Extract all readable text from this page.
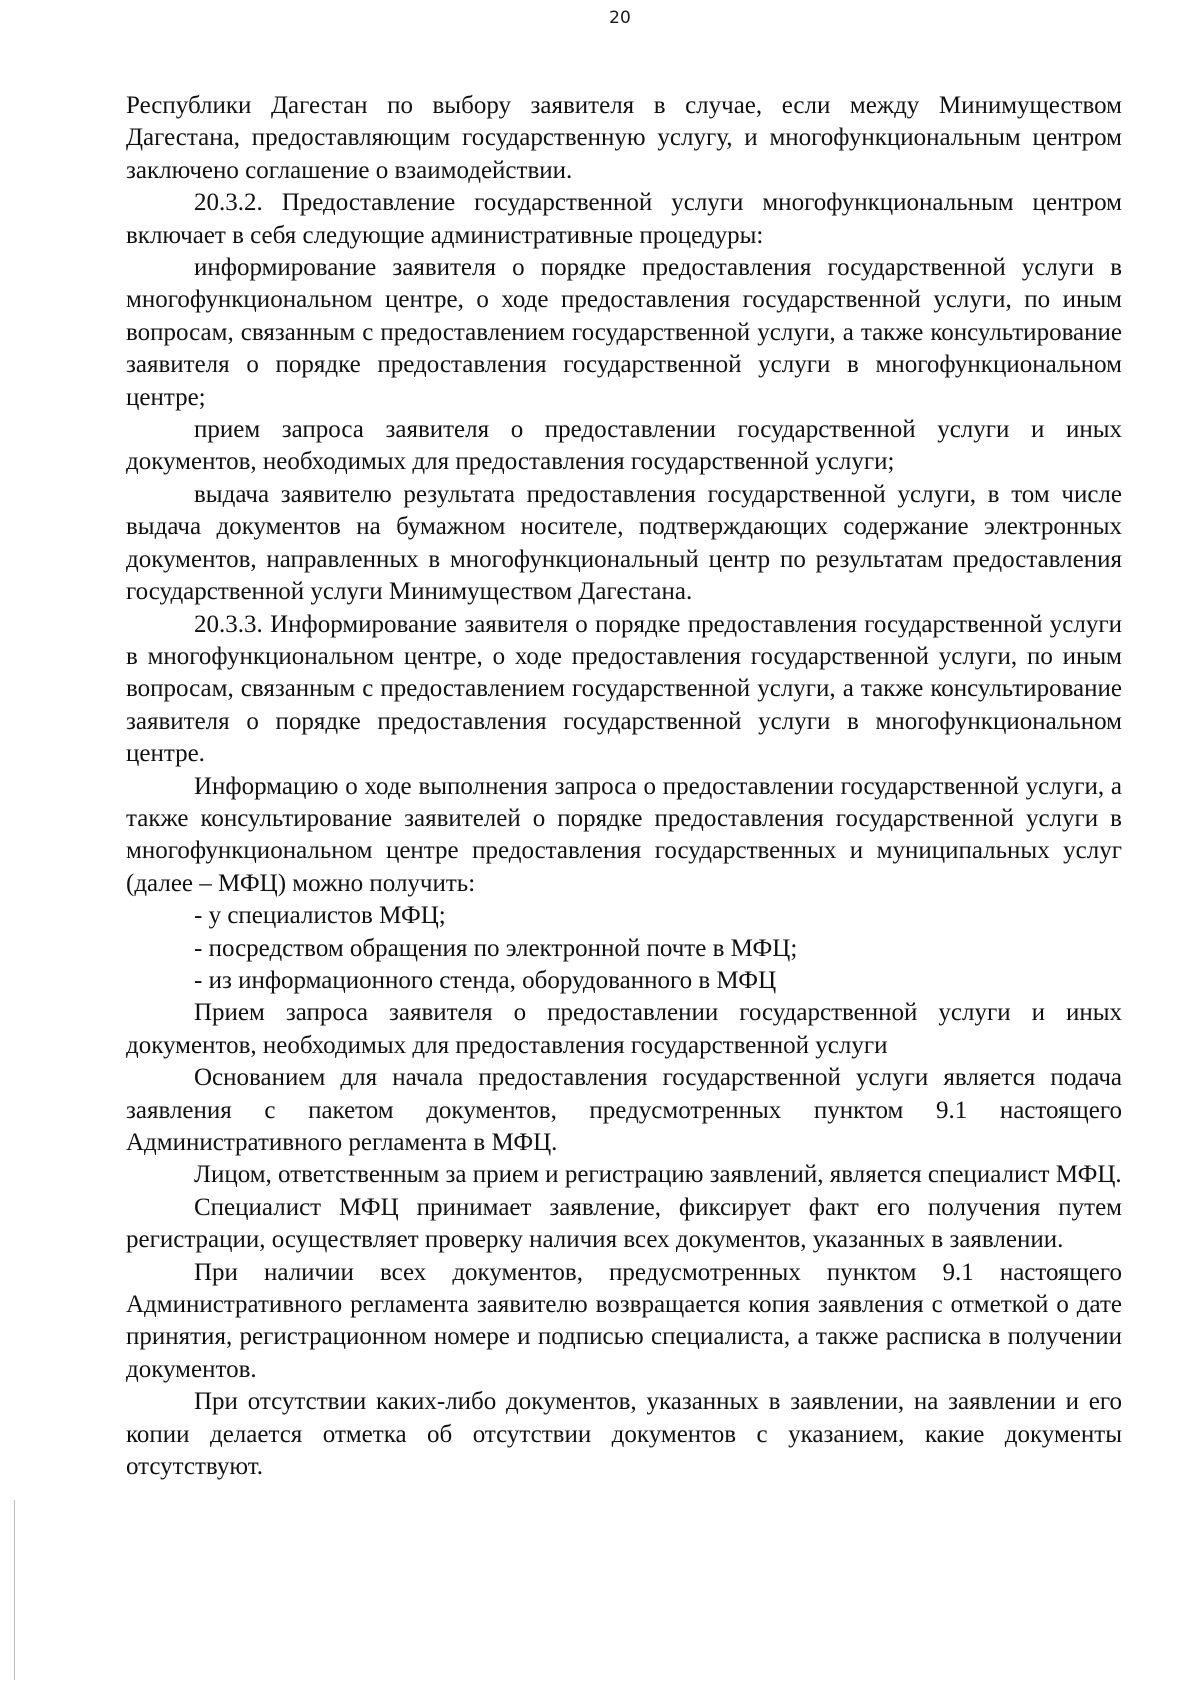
20

Республики Дагестан по выбору заявителя в случае, если между Минимуществом Дагестана, предоставляющим государственную услугу, и многофункциональным центром заключено соглашение о взаимодействии.

20.3.2. Предоставление государственной услуги многофункциональным центром включает в себя следующие административные процедуры:

информирование заявителя о порядке предоставления государственной услуги в многофункциональном центре, о ходе предоставления государственной услуги, по иным вопросам, связанным с предоставлением государственной услуги, а также консультирование заявителя о порядке предоставления государственной услуги в многофункциональном центре;

прием запроса заявителя о предоставлении государственной услуги и иных документов, необходимых для предоставления государственной услуги;

выдача заявителю результата предоставления государственной услуги, в том числе выдача документов на бумажном носителе, подтверждающих содержание электронных документов, направленных в многофункциональный центр по результатам предоставления государственной услуги Минимуществом Дагестана.

20.3.3. Информирование заявителя о порядке предоставления государственной услуги в многофункциональном центре, о ходе предоставления государственной услуги, по иным вопросам, связанным с предоставлением государственной услуги, а также консультирование заявителя о порядке предоставления государственной услуги в многофункциональном центре.

Информацию о ходе выполнения запроса о предоставлении государственной услуги, а также консультирование заявителей о порядке предоставления государственной услуги в многофункциональном центре предоставления государственных и муниципальных услуг (далее – МФЦ) можно получить:

- у специалистов МФЦ;

- посредством обращения по электронной почте в МФЦ;

- из информационного стенда, оборудованного в МФЦ

Прием запроса заявителя о предоставлении государственной услуги и иных документов, необходимых для предоставления государственной услуги

Основанием для начала предоставления государственной услуги является подача заявления с пакетом документов, предусмотренных пунктом 9.1 настоящего Административного регламента в МФЦ.

Лицом, ответственным за прием и регистрацию заявлений, является специалист МФЦ.

Специалист МФЦ принимает заявление, фиксирует факт его получения путем регистрации, осуществляет проверку наличия всех документов, указанных в заявлении.

При наличии всех документов, предусмотренных пунктом 9.1 настоящего Административного регламента заявителю возвращается копия заявления с отметкой о дате принятия, регистрационном номере и подписью специалиста, а также расписка в получении документов.

При отсутствии каких-либо документов, указанных в заявлении, на заявлении и его копии делается отметка об отсутствии документов с указанием, какие документы отсутствуют.
